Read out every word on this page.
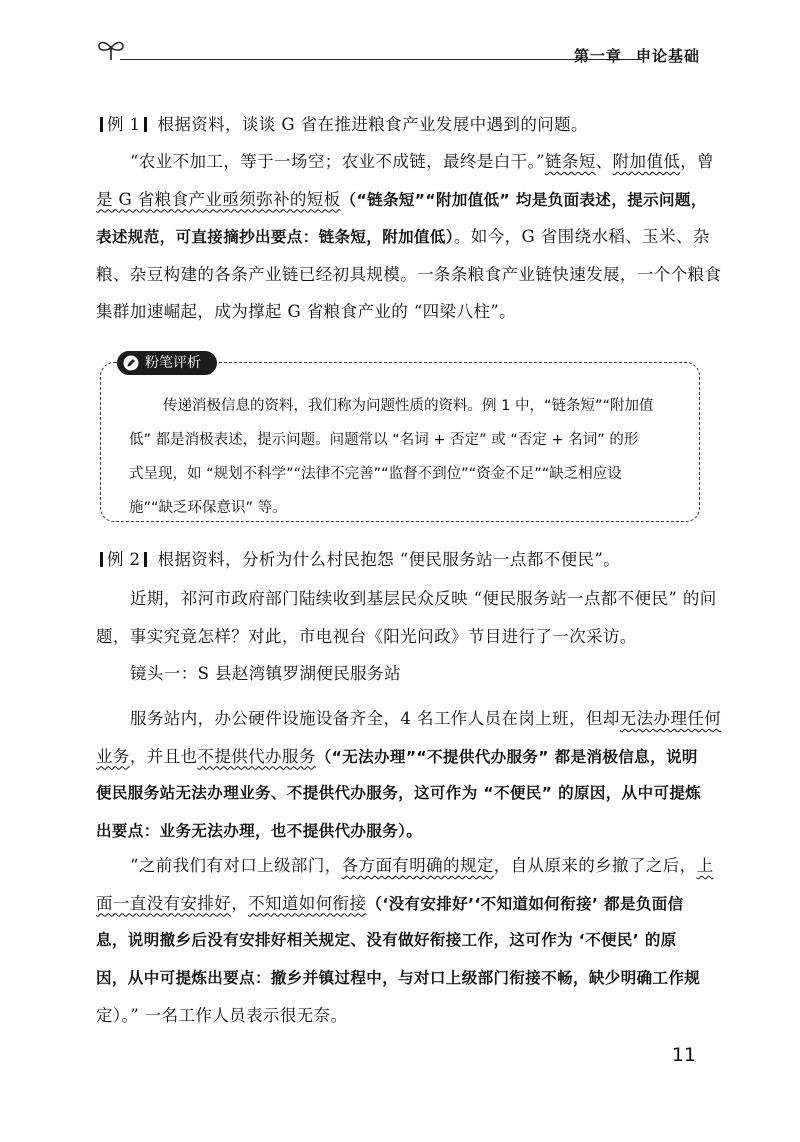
第一章 申论基础
例 1 根据资料，谈谈 G 省在推进粮食产业发展中遇到的问题。
“农业不加工，等于一场空；农业不成链，最终是白干。”链条短、附加值低，曾
是 G 省粮食产业亟须弥补的短板（“链条短”“附加值低” 均是负面表述，提示问题，
表述规范，可直接摘抄出要点：链条短，附加值低）。如今，G 省围绕水稻、玉米、杂
粮、杂豆构建的各条产业链已经初具规模。一条条粮食产业链快速发展，一个个粮食
集群加速崛起，成为撑起 G 省粮食产业的 “四梁八柱”。
粉笔评析
传递消极信息的资料，我们称为问题性质的资料。例 1 中，“链条短”“附加值
低” 都是消极表述，提示问题。问题常以 “名词 + 否定” 或 “否定 + 名词” 的形
式呈现，如 “规划不科学”“法律不完善”“监督不到位”“资金不足”“缺乏相应设
施”“缺乏环保意识” 等。
例 2 根据资料，分析为什么村民抱怨 “便民服务站一点都不便民”。
近期，祁河市政府部门陆续收到基层民众反映 “便民服务站一点都不便民” 的问
题，事实究竟怎样？对此，市电视台《阳光问政》节目进行了一次采访。
镜头一：S 县赵湾镇罗湖便民服务站
服务站内，办公硬件设施设备齐全，4 名工作人员在岗上班，但却无法办理任何
业务，并且也不提供代办服务（“无法办理”“不提供代办服务” 都是消极信息，说明
便民服务站无法办理业务、不提供代办服务，这可作为 “不便民” 的原因，从中可提炼
出要点：业务无法办理，也不提供代办服务）。
“之前我们有对口上级部门，各方面有明确的规定，自从原来的乡撤了之后，上
面一直没有安排好，不知道如何衔接（‘没有安排好’‘不知道如何衔接’ 都是负面信
息，说明撤乡后没有安排好相关规定、没有做好衔接工作，这可作为 ‘不便民’ 的原
因，从中可提炼出要点：撤乡并镇过程中，与对口上级部门衔接不畅，缺少明确工作规
定）。” 一名工作人员表示很无奈。
11
